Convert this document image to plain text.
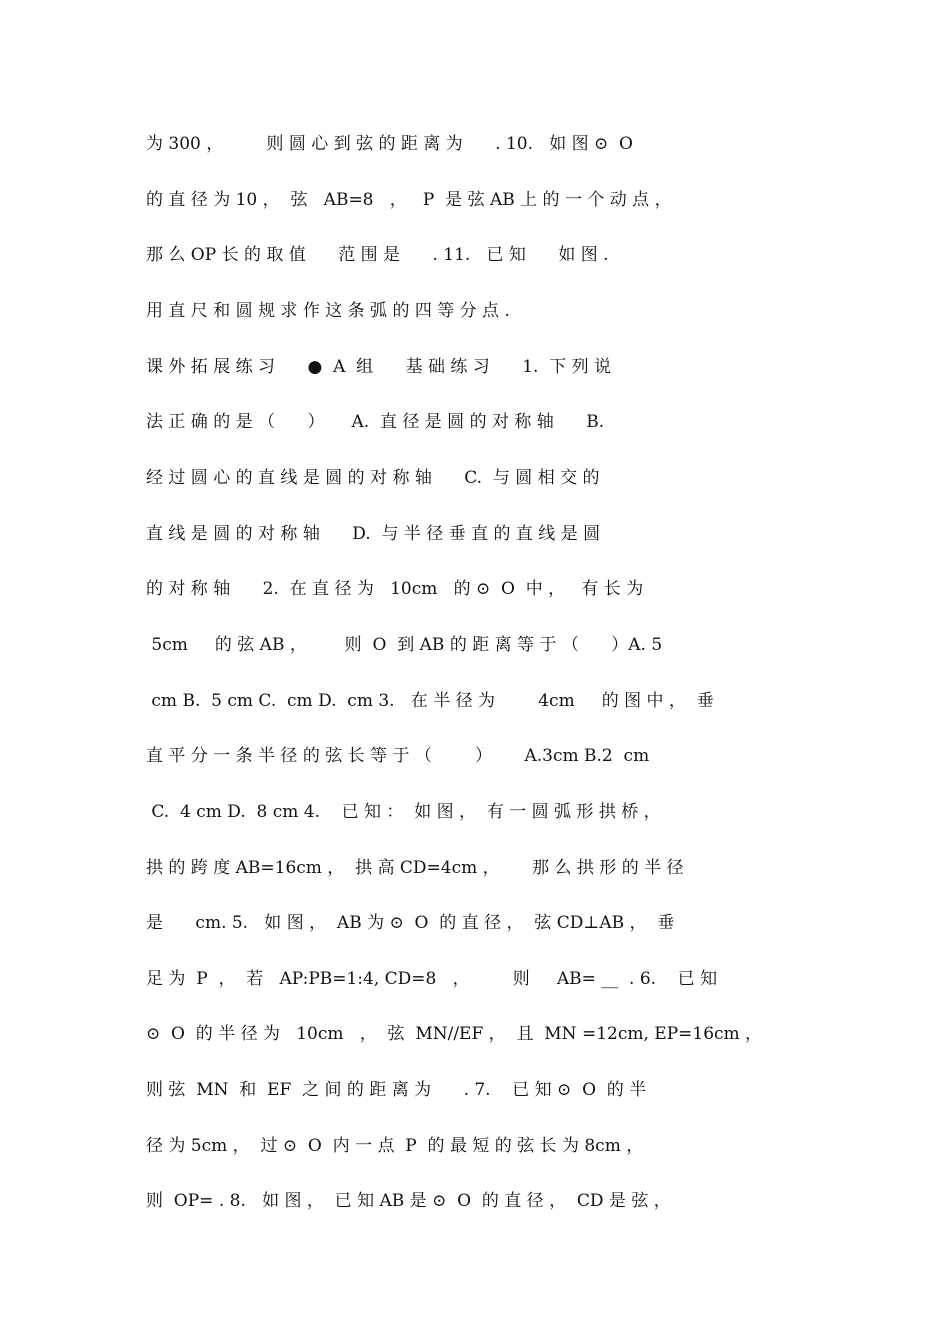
为 300 ，        则 圆 心 到 弦 的 距 离 为      . 10.   如 图 ⊙  O
的 直 径 为 10 ，  弦   AB=8   ，   P  是 弦 AB 上 的 一 个 动 点 ，
那 么 OP 长 的 取 值      范 围 是      . 11.   已 知      如 图 .
用 直 尺 和 圆 规 求 作 这 条 弧 的 四 等 分 点 .
课 外 拓 展 练 习      ●  A  组      基 础 练 习      1.  下 列 说
法 正 确 的 是 （      ）     A.  直 径 是 圆 的 对 称 轴      B.
经 过 圆 心 的 直 线 是 圆 的 对 称 轴      C.  与 圆 相 交 的
直 线 是 圆 的 对 称 轴      D.  与 半 径 垂 直 的 直 线 是 圆
的 对 称 轴      2.  在 直 径 为   10cm   的 ⊙  O  中 ，   有 长 为
5cm     的 弦 AB ，       则  O  到 AB 的 距 离 等 于 （      ）A. 5
cm B.  5 cm C.  cm D.  cm 3.   在 半 径 为        4cm     的 图 中 ，  垂
直 平 分 一 条 半 径 的 弦 长 等 于 （        ）      A.3cm B.2  cm
C.  4 cm D.  8 cm 4.    已 知 ：  如 图 ，  有 一 圆 弧 形 拱 桥 ，
拱 的 跨 度 AB=16cm ，  拱 高 CD=4cm ，      那 么 拱 形 的 半 径
是      cm. 5.   如 图 ，  AB 为 ⊙  O  的 直 径 ，  弦 CD⊥AB ，  垂
足 为  P  ，  若   AP:PB=1:4, CD=8   ，        则     AB= __  . 6.    已 知
⊙  O  的 半 径 为   10cm   ，  弦  MN//EF ，  且  MN =12cm, EP=16cm ，
则 弦  MN  和  EF  之 间 的 距 离 为      . 7.    已 知 ⊙  O  的 半
径 为 5cm ，  过 ⊙  O  内 一 点  P  的 最 短 的 弦 长 为 8cm ，
则  OP= . 8.   如 图 ，  已 知 AB 是 ⊙  O  的 直 径 ，  CD 是 弦 ，
